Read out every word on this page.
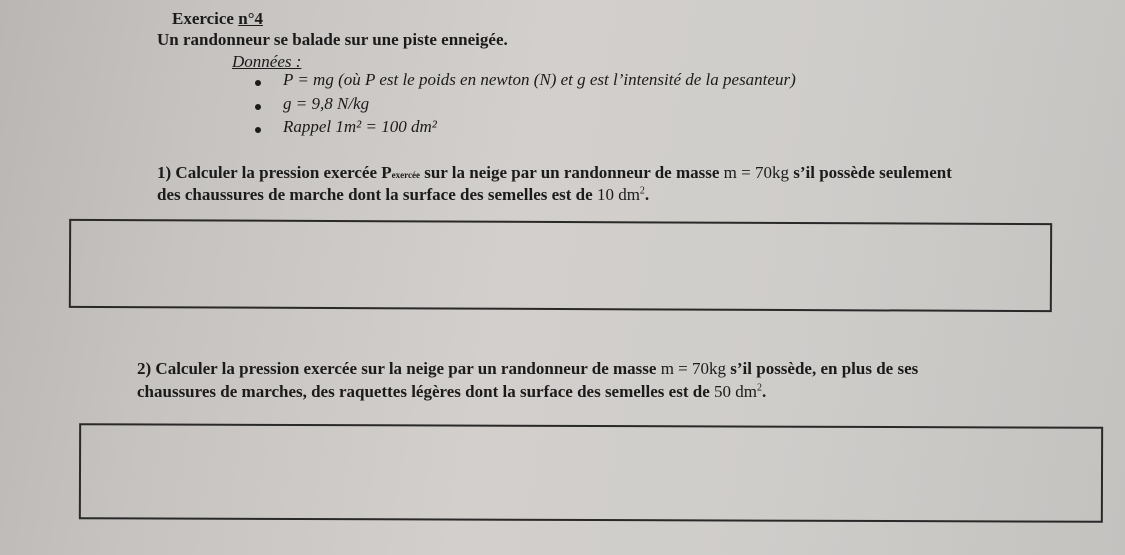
Exercice n°4
Un randonneur se balade sur une piste enneigée.
Données :
P = mg (où P est le poids en newton (N) et g est l’intensité de la pesanteur)
g = 9,8 N/kg
Rappel 1m² = 100 dm²
1) Calculer la pression exercée Pexercée sur la neige par un randonneur de masse m = 70kg s’il possède seulement
des chaussures de marche dont la surface des semelles est de 10 $dm^2$.
2) Calculer la pression exercée sur la neige par un randonneur de masse m = 70kg s’il possède, en plus de ses
chaussures de marches, des raquettes légères dont la surface des semelles est de 50 $dm^2$.
